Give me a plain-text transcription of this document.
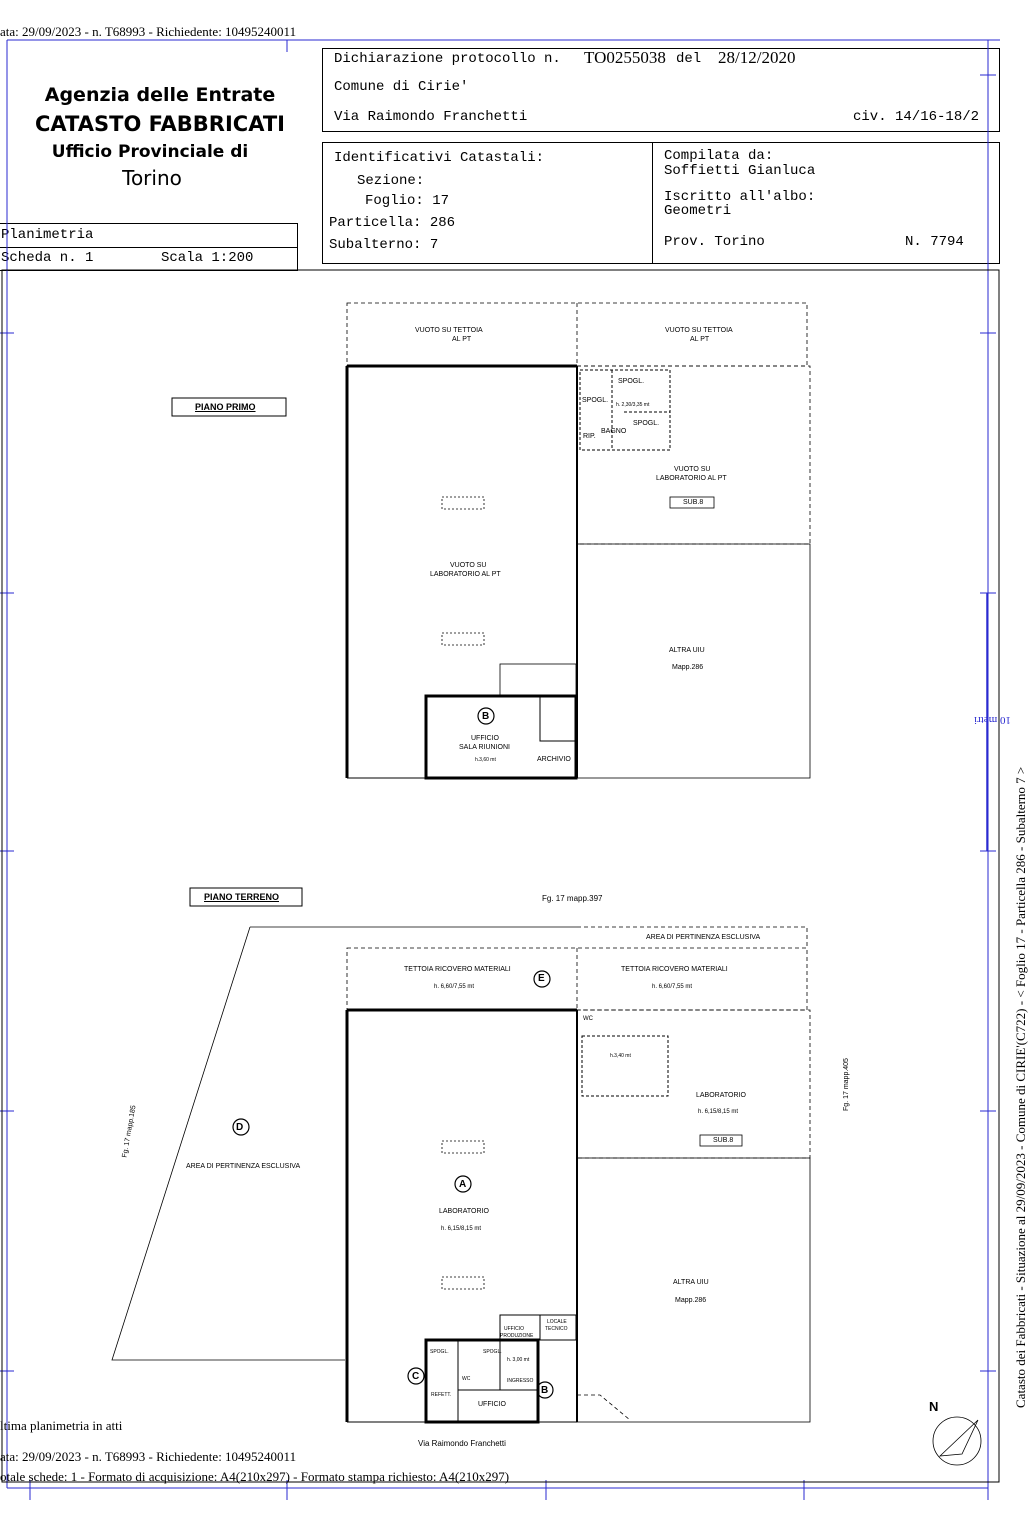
ata: 29/09/2023 - n. T68993 - Richiedente: 10495240011
Agenzia delle Entrate
CATASTO FABBRICATI
Ufficio Provinciale di
Torino
Dichiarazione protocollo n. TO0255038 del 28/12/2020
Comune di Cirie'
Via Raimondo Franchetti	civ. 14/16-18/2
Identificativi Catastali:
Sezione:
Foglio: 17
Particella: 286
Subalterno: 7
Compilata da:
Soffietti Gianluca
Iscritto all'albo:
Geometri
Prov. Torino	N. 7794
Planimetria
Scheda n. 1	Scala 1:200
PIANO PRIMO
VUOTO SU TETTOIA
AL PT
VUOTO SU TETTOIA
AL PT
SPOGL.
SPOGL.
h. 2,30/3,35 mt
SPOGL.
BAGNO
RIP.
VUOTO SU
LABORATORIO AL PT
SUB.8
VUOTO SU
LABORATORIO AL PT
ALTRA UIU
Mapp.286
B
UFFICIO
SALA RIUNIONI
h.3,60 mt	ARCHIVIO
PIANO TERRENO	Fg. 17 mapp.397
AREA DI PERTINENZA ESCLUSIVA
TETTOIA RICOVERO MATERIALI
h. 6,60/7,55 mt
E
TETTOIA RICOVERO MATERIALI
h. 6,60/7,55 mt
WC
h.3,40 mt
LABORATORIO
h. 6,15/8,15 mt
SUB.8
D
AREA DI PERTINENZA ESCLUSIVA
A
LABORATORIO
h. 6,15/8,15 mt
ALTRA UIU
Mapp.286
UFFICIO
PRODUZIONE
LOCALE
TECNICO
SPOGL.	SPOGL.
h. 3,00 mt
C	WC	INGRESSO
B
REFETT.
UFFICIO
Via Raimondo Franchetti
Fg. 17 mapp.185
Fg. 17 mapp.405
N
10 metri
ltima planimetria in atti
ata: 29/09/2023 - n. T68993 - Richiedente: 10495240011
otale schede: 1 - Formato di acquisizione: A4(210x297) - Formato stampa richiesto: A4(210x297)
Catasto dei Fabbricati - Situazione al 29/09/2023 - Comune di CIRIE'(C722) - < Foglio 17 - Particella 286 - Subalterno 7 >
